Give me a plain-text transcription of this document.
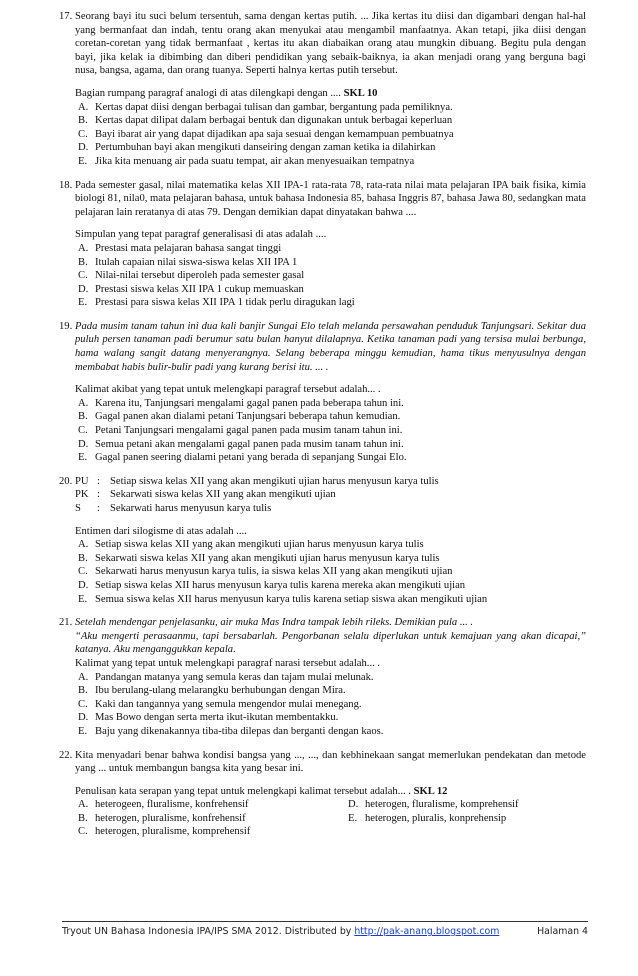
17. Seorang bayi itu suci belum tersentuh, sama dengan kertas putih. ... Jika kertas itu diisi dan digambari dengan hal-hal yang bermanfaat dan indah, tentu orang akan menyukai atau mengambil manfaatnya. Akan tetapi, jika diisi dengan coretan-coretan yang tidak bermanfaat , kertas itu akan diabaikan orang atau mungkin dibuang. Begitu pula dengan bayi, jika kelak ia dibimbing dan diberi pendidikan yang sebaik-baiknya, ia akan menjadi orang yang berguna bagi nusa, bangsa, agama, dan orang tuanya. Seperti halnya kertas putih tersebut.

Bagian rumpang paragraf analogi di atas dilengkapi dengan .... SKL 10
A. Kertas dapat diisi dengan berbagai tulisan dan gambar, bergantung pada pemiliknya.
B. Kertas dapat dilipat dalam berbagai bentuk dan digunakan untuk berbagai keperluan
C. Bayi ibarat air yang dapat dijadikan apa saja sesuai dengan kemampuan pembuatnya
D. Pertumbuhan bayi akan mengikuti danseiring dengan zaman ketika ia dilahirkan
E. Jika kita menuang air pada suatu tempat, air akan menyesuaikan tempatnya
18. Pada semester gasal, nilai matematika kelas XII IPA-1 rata-rata 78, rata-rata nilai mata pelajaran IPA baik fisika, kimia biologi 81, nila0, mata pelajaran bahasa, untuk bahasa Indonesia 85, bahasa Inggris 87, bahasa Jawa 80, sedangkan mata pelajaran lain reratanya di atas 79. Dengan demikian dapat dinyatakan bahwa ....

Simpulan yang tepat paragraf generalisasi di atas adalah ....
A. Prestasi mata pelajaran bahasa sangat tinggi
B. Itulah capaian nilai siswa-siswa kelas XII IPA 1
C. Nilai-nilai tersebut diperoleh pada semester gasal
D. Prestasi siswa kelas XII IPA 1 cukup memuaskan
E. Prestasi para siswa kelas XII IPA 1 tidak perlu diragukan lagi
19. Pada musim tanam tahun ini dua kali banjir Sungai Elo telah melanda persawahan penduduk Tanjungsari. Sekitar dua puluh persen tanaman padi berumur satu bulan hanyut dilalapnya. Ketika tanaman padi yang tersisa mulai berbunga, hama walang sangit datang menyerangnya. Selang beberapa minggu kemudian, hama tikus menyusulnya dengan membabat habis bulir-bulir padi yang kurang berisi itu. ... .

Kalimat akibat yang tepat untuk melengkapi paragraf tersebut adalah... .
A. Karena itu, Tanjungsari mengalami gagal panen pada beberapa tahun ini.
B. Gagal panen akan dialami petani Tanjungsari beberapa tahun kemudian.
C. Petani Tanjungsari mengalami gagal panen pada musim tanam tahun ini.
D. Semua petani akan mengalami gagal panen pada musim tanam tahun ini.
E. Gagal panen seering dialami petani yang berada di sepanjang Sungai Elo.
20. PU : Setiap siswa kelas XII yang akan mengikuti ujian harus menyusun karya tulis
PK : Sekarwati siswa kelas XII yang akan mengikuti ujian
S	: Sekarwati harus menyusun karya tulis
Entimen dari silogisme di atas adalah ....
A. Setiap siswa kelas XII yang akan mengikuti ujian harus menyusun karya tulis
B. Sekarwati siswa kelas XII yang akan mengikuti ujian harus menyusun karya tulis
C. Sekarwati harus menyusun karya tulis, ia siswa kelas XII yang akan mengikuti ujian
D. Setiap siswa kelas XII harus menyusun karya tulis karena mereka akan mengikuti ujian
E. Semua siswa kelas XII harus menyusun karya tulis karena setiap siswa akan mengikuti ujian
21. Setelah mendengar penjelasanku, air muka Mas Indra tampak lebih rileks. Demikian pula ... .

“Aku mengerti perasaanmu, tapi bersabarlah. Pengorbanan selalu diperlukan untuk kemajuan yang akan dicapai,” katanya. Aku menganggukkan kepala.

Kalimat yang tepat untuk melengkapi paragraf narasi tersebut adalah... .
A. Pandangan matanya yang semula keras dan tajam mulai melunak.
B. Ibu berulang-ulang melarangku berhubungan dengan Mira.
C. Kaki dan tangannya yang semula mengendor mulai menegang.
D. Mas Bowo dengan serta merta ikut-ikutan membentakku.
E. Baju yang dikenakannya tiba-tiba dilepas dan berganti dengan kaos.
22. Kita menyadari benar bahwa kondisi bangsa yang ..., ..., dan kebhinekaan sangat memerlukan pendekatan dan metode yang ... untuk membangun bangsa kita yang besar ini.

Penulisan kata serapan yang tepat untuk melengkapi kalimat tersebut adalah... . SKL 12
A. heterogeen, fluralisme, konfrehensif	D. heterogen, fluralisme, komprehensif
B. heterogen, pluralisme, konfrehensif	E. heterogen, pluralis, konprehensip
C. heterogen, pluralisme, komprehensif
Tryout UN Bahasa Indonesia IPA/IPS SMA 2012. Distributed by http://pak-anang.blogspot.com	Halaman 4
